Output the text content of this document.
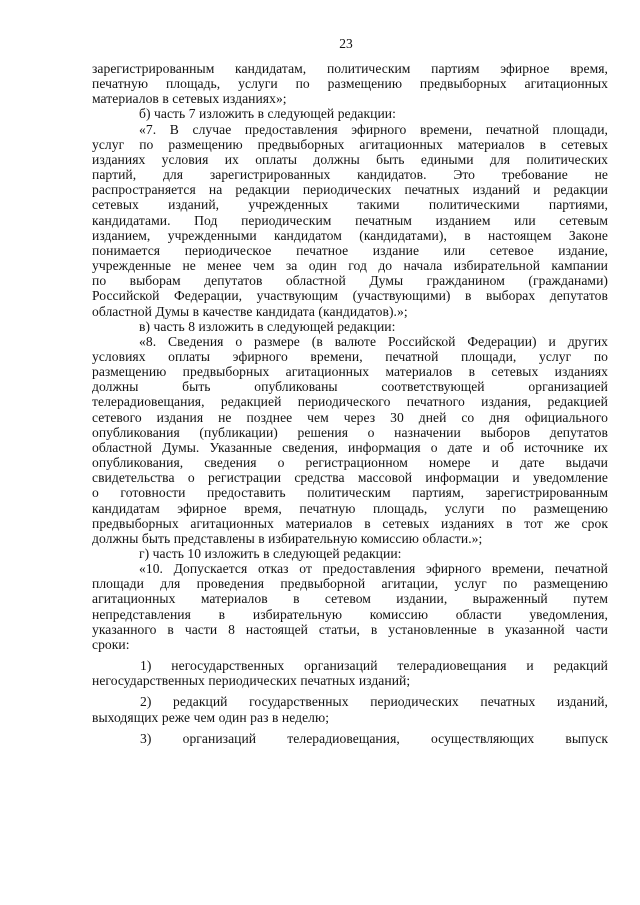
23
зарегистрированным кандидатам, политическим партиям эфирное время,
печатную площадь, услуги по размещению предвыборных агитационных
материалов в сетевых изданиях»;
б) часть 7 изложить в следующей редакции:
«7. В случае предоставления эфирного времени, печатной площади,
услуг по размещению предвыборных агитационных материалов в сетевых
изданиях условия их оплаты должны быть едиными для политических
партий, для зарегистрированных кандидатов. Это требование не
распространяется на редакции периодических печатных изданий и редакции
сетевых изданий, учрежденных такими политическими партиями,
кандидатами. Под периодическим печатным изданием или сетевым
изданием, учрежденными кандидатом (кандидатами), в настоящем Законе
понимается периодическое печатное издание или сетевое издание,
учрежденные не менее чем за один год до начала избирательной кампании
по выборам депутатов областной Думы гражданином (гражданами)
Российской Федерации, участвующим (участвующими) в выборах депутатов
областной Думы в качестве кандидата (кандидатов).»;
в) часть 8 изложить в следующей редакции:
«8. Сведения о размере (в валюте Российской Федерации) и других
условиях оплаты эфирного времени, печатной площади, услуг по
размещению предвыборных агитационных материалов в сетевых изданиях
должны быть опубликованы соответствующей организацией
телерадиовещания, редакцией периодического печатного издания, редакцией
сетевого издания не позднее чем через 30 дней со дня официального
опубликования (публикации) решения о назначении выборов депутатов
областной Думы. Указанные сведения, информация о дате и об источнике их
опубликования, сведения о регистрационном номере и дате выдачи
свидетельства о регистрации средства массовой информации и уведомление
о готовности предоставить политическим партиям, зарегистрированным
кандидатам эфирное время, печатную площадь, услуги по размещению
предвыборных агитационных материалов в сетевых изданиях в тот же срок
должны быть представлены в избирательную комиссию области.»;
г) часть 10 изложить в следующей редакции:
«10. Допускается отказ от предоставления эфирного времени, печатной
площади для проведения предвыборной агитации, услуг по размещению
агитационных материалов в сетевом издании, выраженный путем
непредставления в избирательную комиссию области уведомления,
указанного в части 8 настоящей статьи, в установленные в указанной части
сроки:
1) негосударственных организаций телерадиовещания и редакций
негосударственных периодических печатных изданий;
2) редакций государственных периодических печатных изданий,
выходящих реже чем один раз в неделю;
3) организаций телерадиовещания, осуществляющих выпуск
